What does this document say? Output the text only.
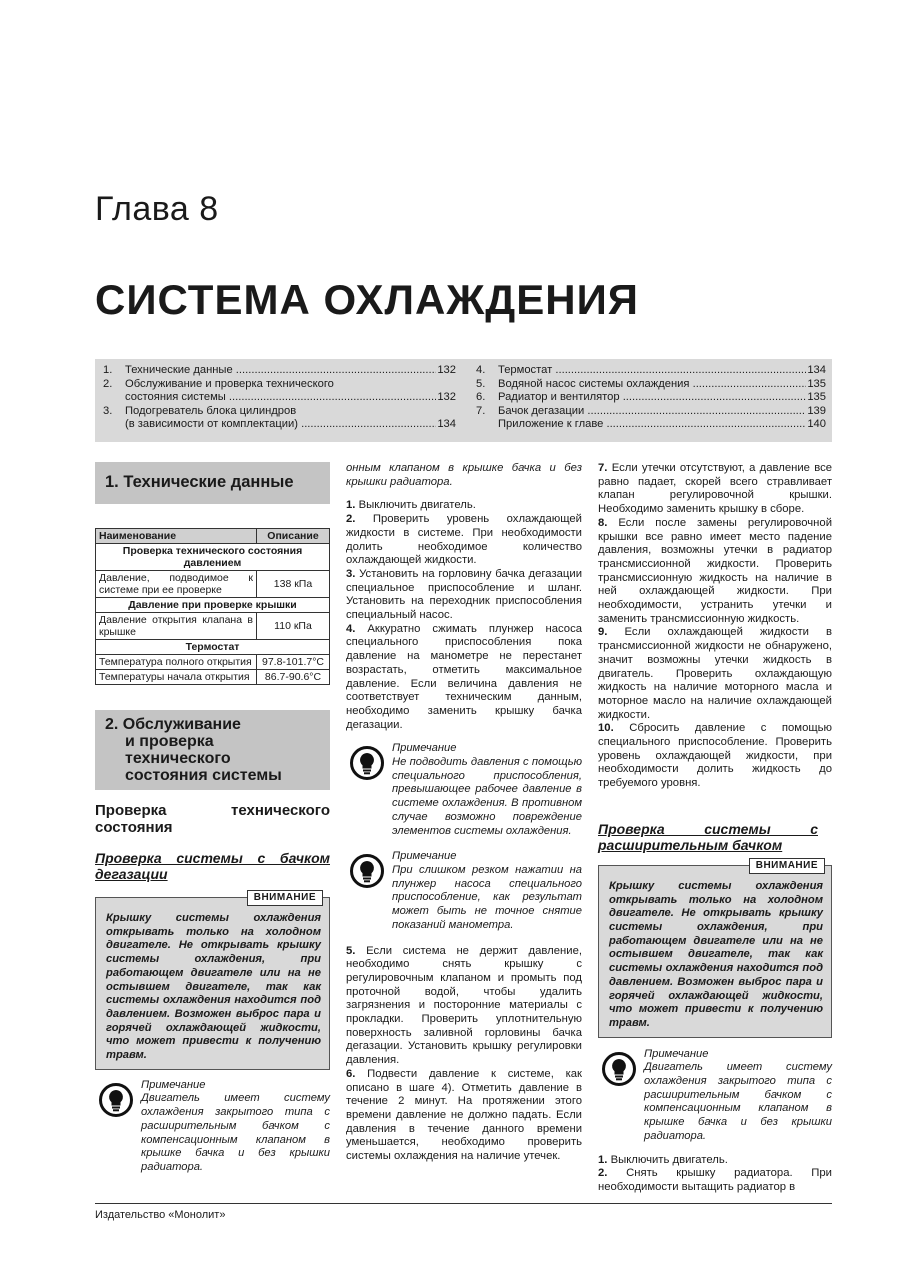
Глава 8
СИСТЕМА ОХЛАЖДЕНИЯ
1.	Технические данные .....	132
2.	Обслуживание и проверка технического
состояния системы .....	132
3.	Подогреватель блока цилиндров
(в зависимости от комплектации) .....	134
4.	Термостат .....	134
5.	Водяной насос системы охлаждения .....	135
6.	Радиатор и вентилятор .....	135
7.	Бачок дегазации .....	139
Приложение к главе .....	140
1. Технические данные
Наименование	Описание
Проверка технического состояния давлением	
Давление, подводимое к системе при ее проверке	138 кПа
Давление при проверке крышки	
Давление открытия клапана в крышке	110 кПа
Термостат	
Температура полного открытия	97.8-101.7°С
Температуры начала открытия	86.7-90.6°С
2. Обслуживание
и проверка
технического
состояния системы
Проверка технического состояния
Проверка системы с бачком дегазации
ВНИМАНИЕ
Крышку системы охлаждения открывать только на холодном двигателе. Не открывать крышку системы охлаждения, при работающем двигателе или на не остывшем двигателе, так как системы охлаждения находится под давлением. Возможен выброс пара и горячей охлаждающей жидкости, что может привести к получению травм.
Примечание
Двигатель имеет систему охлаждения закрытого типа с расширительным бачком с компенсационным клапаном в крышке бачка и без крышки радиатора.

онным клапаном в крышке бачка и без крышки радиатора.

1. Выключить двигатель.

2. Проверить уровень охлаждающей жидкости в системе. При необходимости долить необходимое количество охлаждающей жидкости.

3. Установить на горловину бачка дегазации специальное приспособление и шланг. Установить на переходник приспособления специальный насос.

4. Аккуратно сжимать плунжер насоса специального приспособления пока давление на манометре не перестанет возрастать, отметить максимальное давление. Если величина давления не соответствует техническим данным, необходимо заменить крышку бачка дегазации.

Примечание
Не подводить давления с помощью специального приспособления, превышающее рабочее давление в системе охлаждения. В противном случае возможно повреждение элементов системы охлаждения.
Примечание
При слишком резком нажатии на плунжер насоса специального приспособление, как результат может быть не точное снятие показаний манометра.

5. Если система не держит давление, необходимо снять крышку с регулировочным клапаном и промыть под проточной водой, чтобы удалить загрязнения и посторонние материалы с прокладки. Проверить уплотнительную поверхность заливной горловины бачка дегазации. Установить крышку регулировки давления.

6. Подвести давление к системе, как описано в шаге 4). Отметить давление в течение 2 минут. На протяжении этого времени давление не должно падать. Если давления в течение данного времени уменьшается, необходимо проверить системы охлаждения на наличие утечек.

7. Если утечки отсутствуют, а давление все равно падает, скорей всего стравливает клапан регулировочной крышки. Необходимо заменить крышку в сборе.

8. Если после замены регулировочной крышки все равно имеет место падение давления, возможны утечки в радиатор трансмиссионной жидкости. Проверить трансмиссионную жидкость на наличие в ней охлаждающей жидкости. При необходимости, устранить утечки и заменить трансмиссионную жидкость.

9. Если охлаждающей жидкости в трансмиссионной жидкости не обнаружено, значит возможны утечки жидкость в двигатель. Проверить охлаждающую жидкость на наличие моторного масла и моторное масло на наличие охлаждающей жидкости.

10. Сбросить давление с помощью специального приспособление. Проверить уровень охлаждающей жидкости, при необходимости долить жидкость до требуемого уровня.

Проверка системы с расширительным бачком
ВНИМАНИЕ
Крышку системы охлаждения открывать только на холодном двигателе. Не открывать крышку системы охлаждения, при работающем двигателе или на не остывшем двигателе, так как системы охлаждения находится под давлением. Возможен выброс пара и горячей охлаждающей жидкости, что может привести к получению травм.
Примечание
Двигатель имеет систему охлаждения закрытого типа с расширительным бачком с компенсационным клапаном в крышке бачка и без крышки радиатора.

1. Выключить двигатель.

2. Снять крышку радиатора. При необходимости вытащить радиатор в

Издательство «Монолит»
